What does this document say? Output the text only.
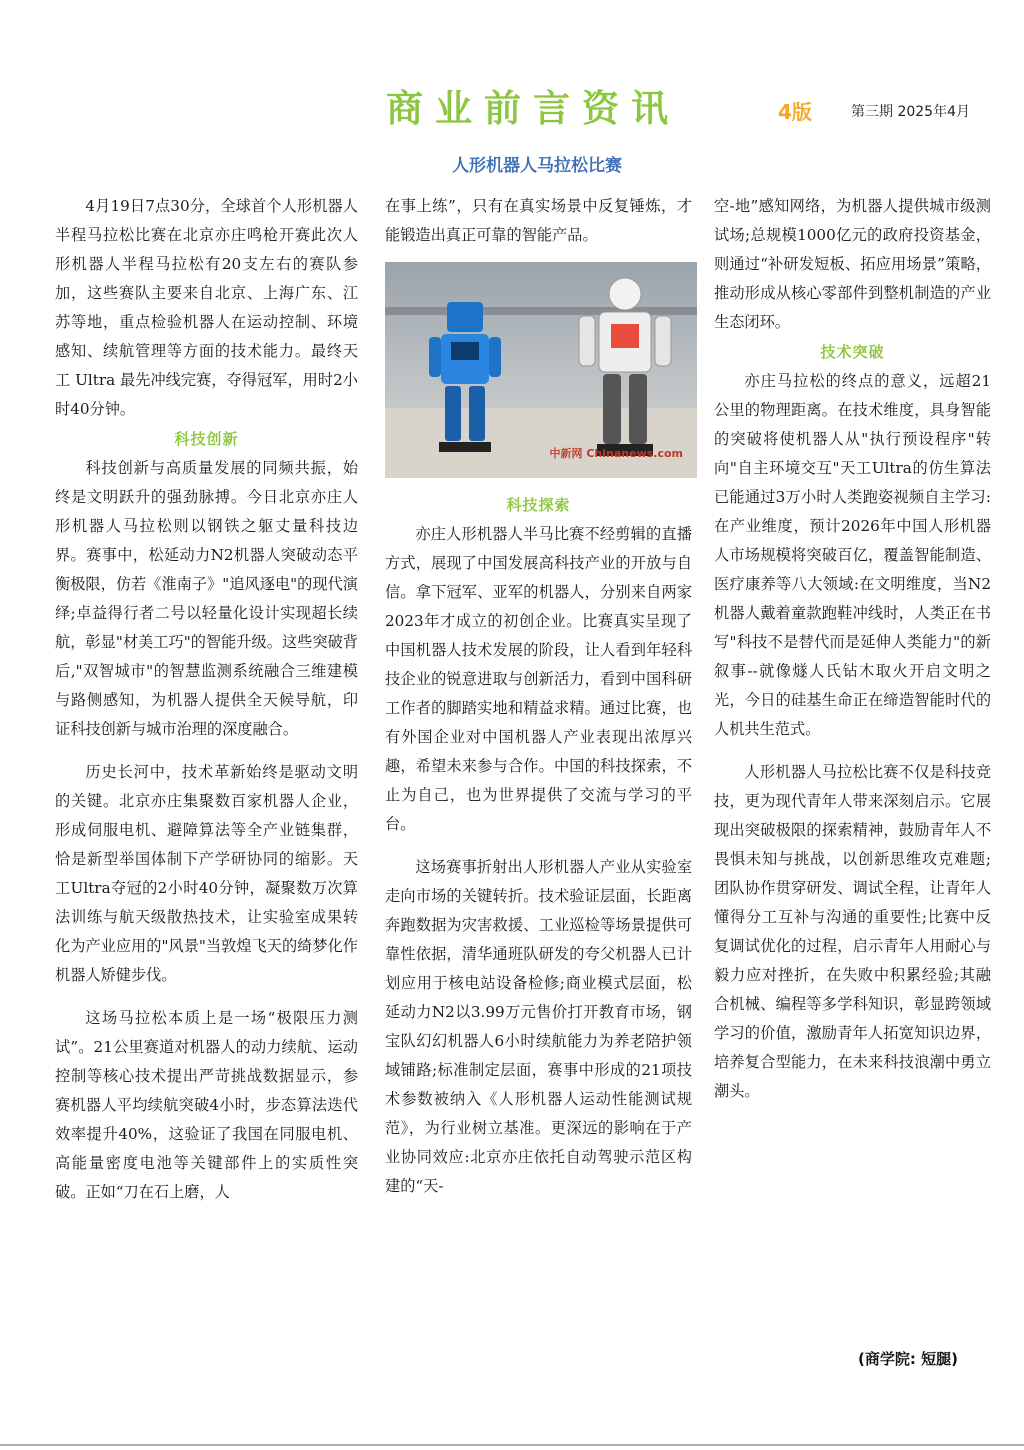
商业前言资讯	4版	第三期 2025年4月
人形机器人马拉松比赛

4月19日7点30分，全球首个人形机器人半程马拉松比赛在北京亦庄鸣枪开赛此次人形机器人半程马拉松有20支左右的赛队参加，这些赛队主要来自北京、上海广东、江苏等地，重点检验机器人在运动控制、环境感知、续航管理等方面的技术能力。最终天工 Ultra 最先冲线完赛，夺得冠军，用时2小时40分钟。

科技创新

科技创新与高质量发展的同频共振，始终是文明跃升的强劲脉搏。今日北京亦庄人形机器人马拉松则以钢铁之躯丈量科技边界。赛事中，松延动力N2机器人突破动态平衡极限，仿若《淮南子》"追风逐电"的现代演绎;卓益得行者二号以轻量化设计实现超长续航，彰显"材美工巧"的智能升级。这些突破背后,"双智城市"的智慧监测系统融合三维建模与路侧感知，为机器人提供全天候导航，印证科技创新与城市治理的深度融合。

历史长河中，技术革新始终是驱动文明的关键。北京亦庄集聚数百家机器人企业，形成伺服电机、避障算法等全产业链集群，恰是新型举国体制下产学研协同的缩影。天工Ultra夺冠的2小时40分钟，凝聚数万次算法训练与航天级散热技术，让实验室成果转化为产业应用的"风景"当敦煌飞天的绮梦化作机器人矫健步伐。

这场马拉松本质上是一场“极限压力测试”。21公里赛道对机器人的动力续航、运动控制等核心技术提出严苛挑战数据显示，参赛机器人平均续航突破4小时，步态算法迭代效率提升40%，这验证了我国在同服电机、高能量密度电池等关键部件上的实质性突破。正如“刀在石上磨，人

在事上练”，只有在真实场景中反复锤炼，才能锻造出真正可靠的智能产品。

中新网 Chinanews.com
科技探索

亦庄人形机器人半马比赛不经剪辑的直播方式，展现了中国发展高科技产业的开放与自信。拿下冠军、亚军的机器人，分别来自两家2023年才成立的初创企业。比赛真实呈现了中国机器人技术发展的阶段，让人看到年轻科技企业的锐意进取与创新活力，看到中国科研工作者的脚踏实地和精益求精。通过比赛，也有外国企业对中国机器人产业表现出浓厚兴趣，希望未来参与合作。中国的科技探索，不止为自己，也为世界提供了交流与学习的平台。

这场赛事折射出人形机器人产业从实验室走向市场的关键转折。技术验证层面，长距离奔跑数据为灾害救援、工业巡检等场景提供可靠性依据，清华通班队研发的夸父机器人已计划应用于核电站设备检修;商业模式层面，松延动力N2以3.99万元售价打开教育市场，钢宝队幻幻机器人6小时续航能力为养老陪护领域铺路;标准制定层面，赛事中形成的21项技术参数被纳入《人形机器人运动性能测试规范》，为行业树立基准。更深远的影响在于产业协同效应:北京亦庄依托自动驾驶示范区构建的“天-

空-地”感知网络，为机器人提供城市级测试场;总规模1000亿元的政府投资基金，则通过“补研发短板、拓应用场景”策略，推动形成从核心零部件到整机制造的产业生态闭环。

技术突破

亦庄马拉松的终点的意义，远超21公里的物理距离。在技术维度，具身智能的突破将使机器人从"执行预设程序"转向"自主环境交互"天工Ultra的仿生算法已能通过3万小时人类跑姿视频自主学习:在产业维度，预计2026年中国人形机器人市场规模将突破百亿，覆盖智能制造、医疗康养等八大领域:在文明维度，当N2机器人戴着童款跑鞋冲线时，人类正在书写"科技不是替代而是延伸人类能力"的新叙事--就像燧人氏钻木取火开启文明之光，今日的硅基生命正在缔造智能时代的人机共生范式。

人形机器人马拉松比赛不仅是科技竞技，更为现代青年人带来深刻启示。它展现出突破极限的探索精神，鼓励青年人不畏惧未知与挑战，以创新思维攻克难题;团队协作贯穿研发、调试全程，让青年人懂得分工互补与沟通的重要性;比赛中反复调试优化的过程，启示青年人用耐心与毅力应对挫折，在失败中积累经验;其融合机械、编程等多学科知识，彰显跨领域学习的价值，激励青年人拓宽知识边界，培养复合型能力，在未来科技浪潮中勇立潮头。

(商学院: 短腿)
